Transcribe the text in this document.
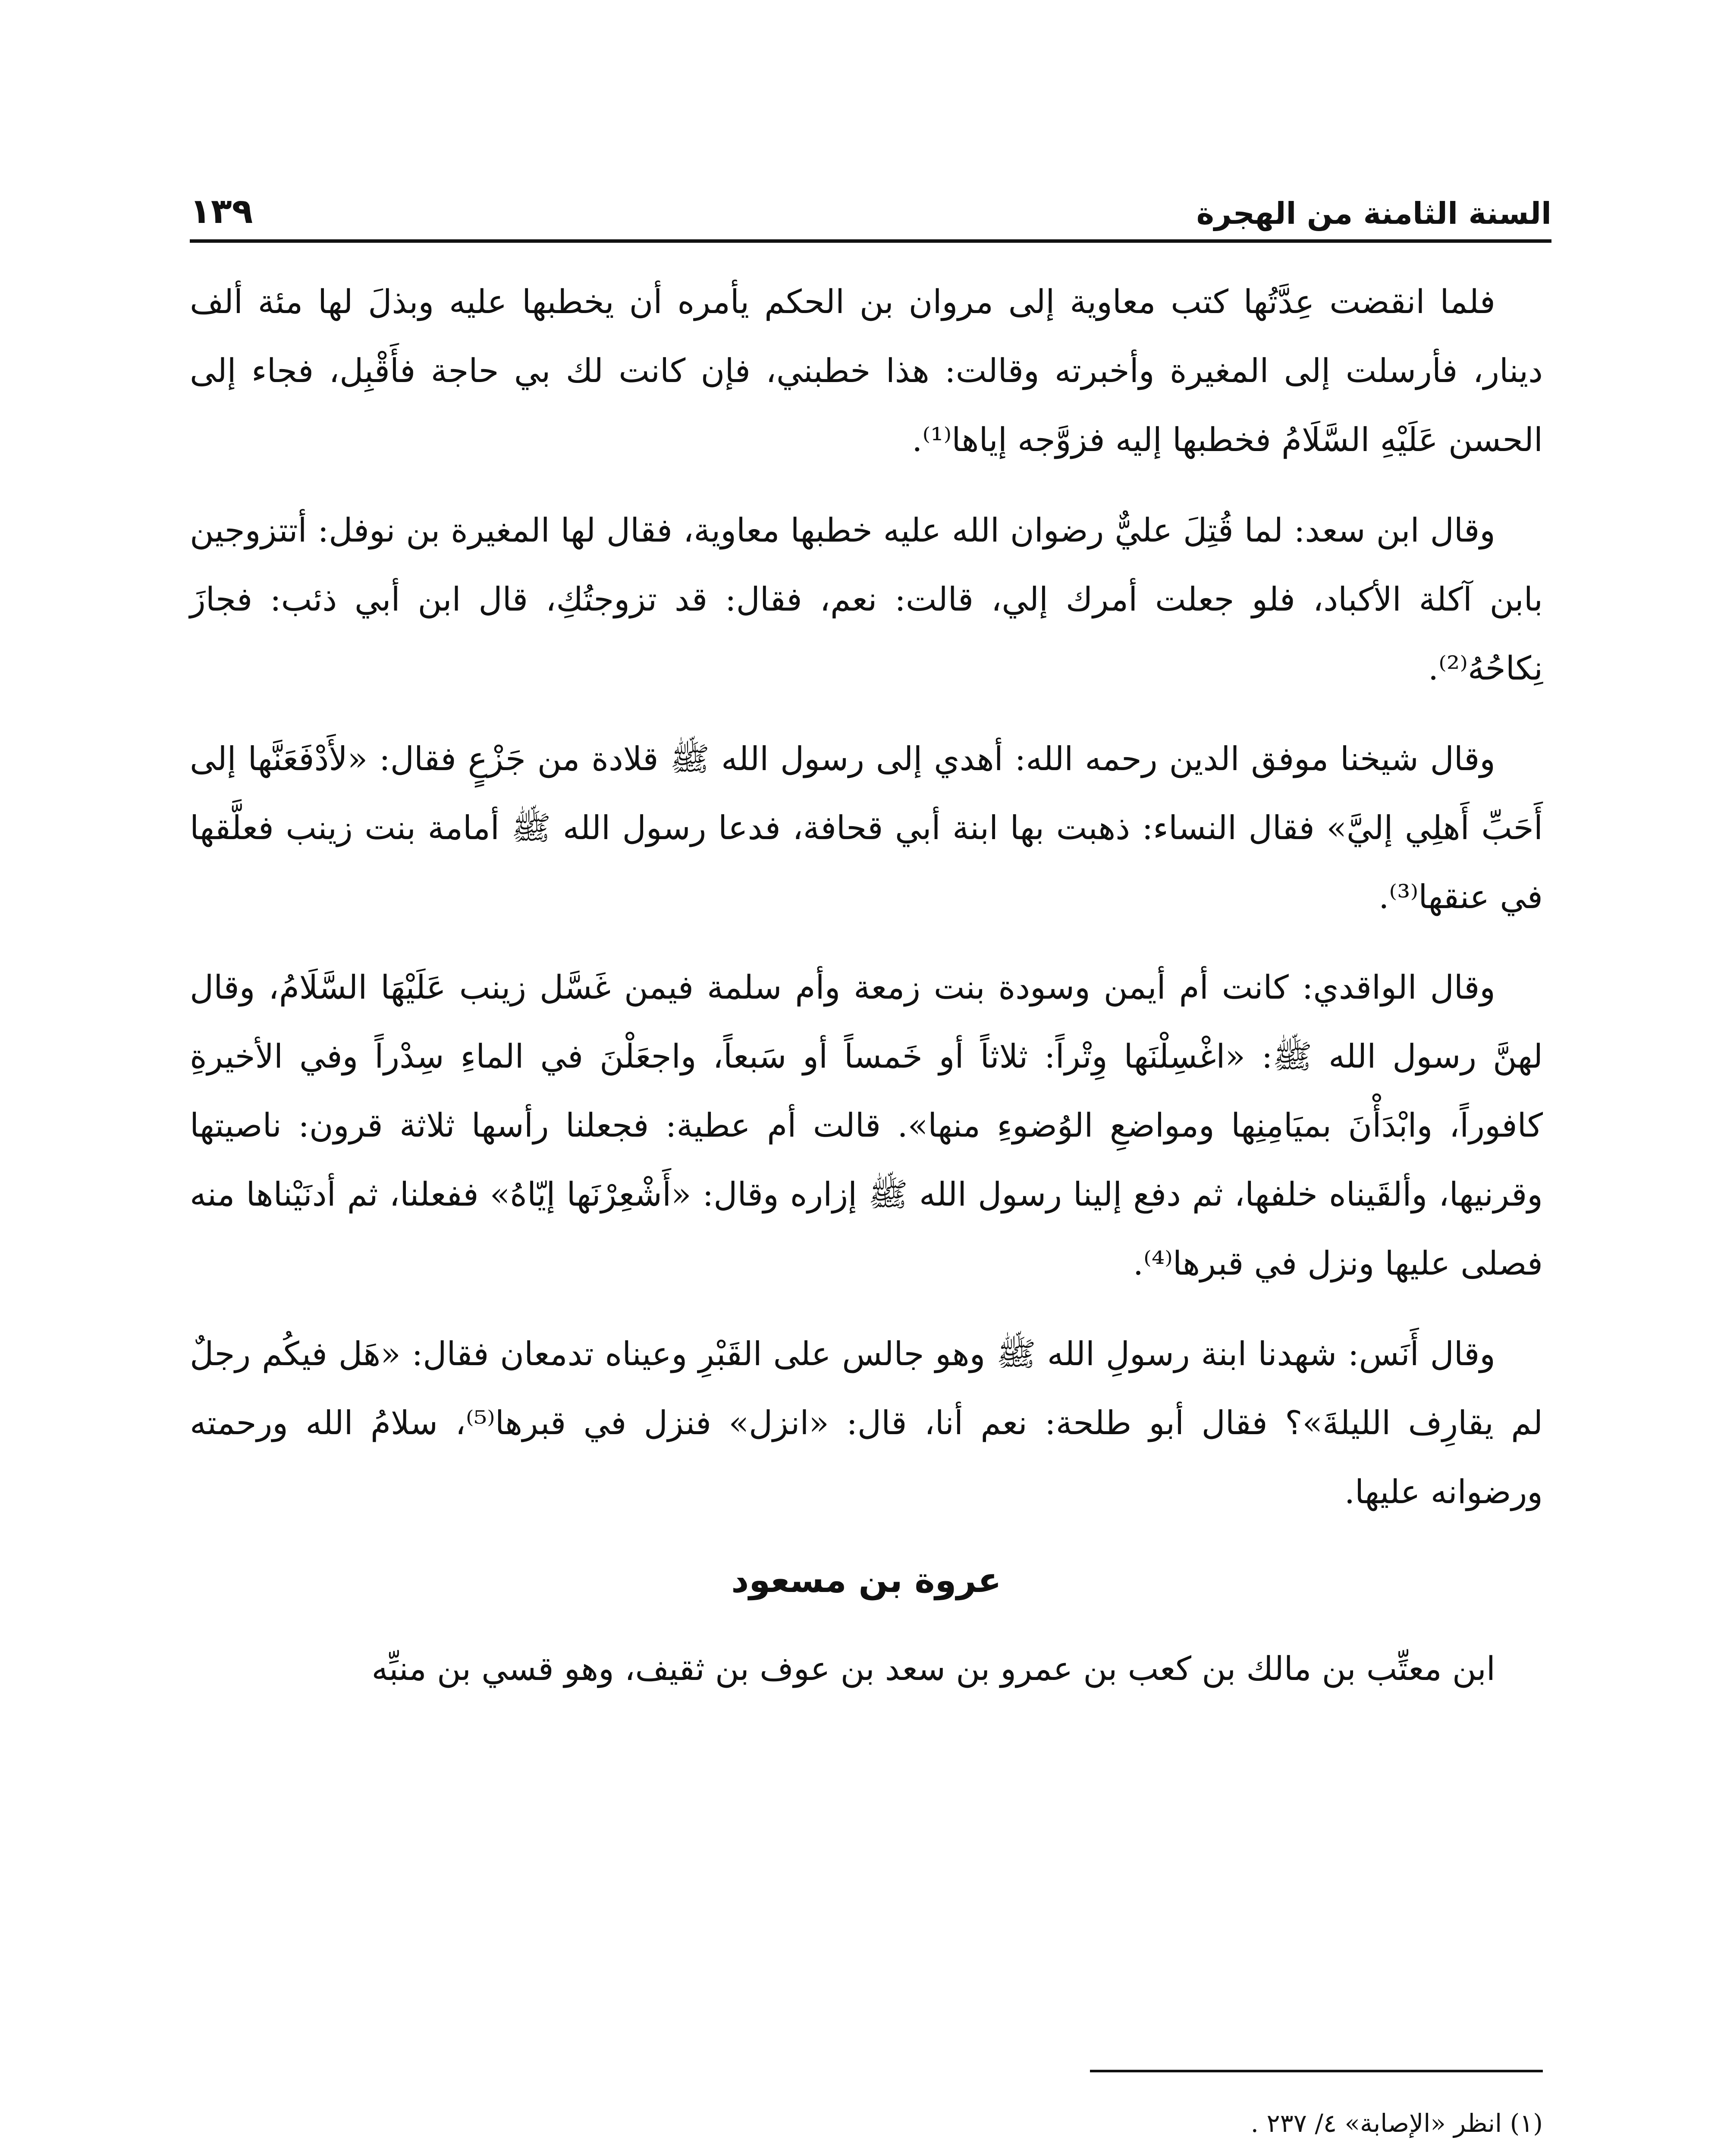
السنة الثامنة من الهجرة
١٣٩

فلما انقضت عِدَّتُها كتب معاوية إلى مروان بن الحكم يأمره أن يخطبها عليه وبذلَ لها مئة ألف دينار، فأرسلت إلى المغيرة وأخبرته وقالت: هذا خطبني، فإن كانت لك بي حاجة فأَقْبِل، فجاء إلى الحسن عَلَيْهِ السَّلَامُ فخطبها إليه فزوَّجه إياها⁽¹⁾.

وقال ابن سعد: لما قُتِلَ عليٌّ رضوان الله عليه خطبها معاوية، فقال لها المغيرة بن نوفل: أتتزوجين بابن آكلة الأكباد، فلو جعلت أمرك إلي، قالت: نعم، فقال: قد تزوجتُكِ، قال ابن أبي ذئب: فجازَ نِكاحُهُ⁽²⁾.

وقال شيخنا موفق الدين رحمه الله: أهدي إلى رسول الله ﷺ قلادة من جَزْعٍ فقال: «لأَدْفَعَنَّها إلى أَحَبِّ أَهلِي إليَّ» فقال النساء: ذهبت بها ابنة أبي قحافة، فدعا رسول الله ﷺ أمامة بنت زينب فعلَّقها في عنقها⁽³⁾.

وقال الواقدي: كانت أم أيمن وسودة بنت زمعة وأم سلمة فيمن غَسَّل زينب عَلَيْهَا السَّلَامُ، وقال لهنَّ رسول الله ﷺ: «اغْسِلْنَها وِتْراً: ثلاثاً أو خَمساً أو سَبعاً، واجعَلْنَ في الماءِ سِدْراً وفي الأخيرةِ كافوراً، وابْدَأْنَ بميَامِنِها ومواضعِ الوُضوءِ منها». قالت أم عطية: فجعلنا رأسها ثلاثة قرون: ناصيتها وقرنيها، وألقَيناه خلفها، ثم دفع إلينا رسول الله ﷺ إزاره وقال: «أَشْعِرْنَها إيّاهُ» ففعلنا، ثم أدنَيْناها منه فصلى عليها ونزل في قبرها⁽⁴⁾.

وقال أَنَس: شهدنا ابنة رسولِ الله ﷺ وهو جالس على القَبْرِ وعيناه تدمعان فقال: «هَل فيكُم رجلٌ لم يقارِف الليلةَ»؟ فقال أبو طلحة: نعم أنا، قال: «انزل» فنزل في قبرها⁽⁵⁾، سلامُ الله ورحمته ورضوانه عليها.

عروة بن مسعود

ابن معتِّب بن مالك بن كعب بن عمرو بن سعد بن عوف بن ثقيف، وهو قسي بن منبِّه

(١) انظر «الإصابة» ٤/ ٢٣٧ .
